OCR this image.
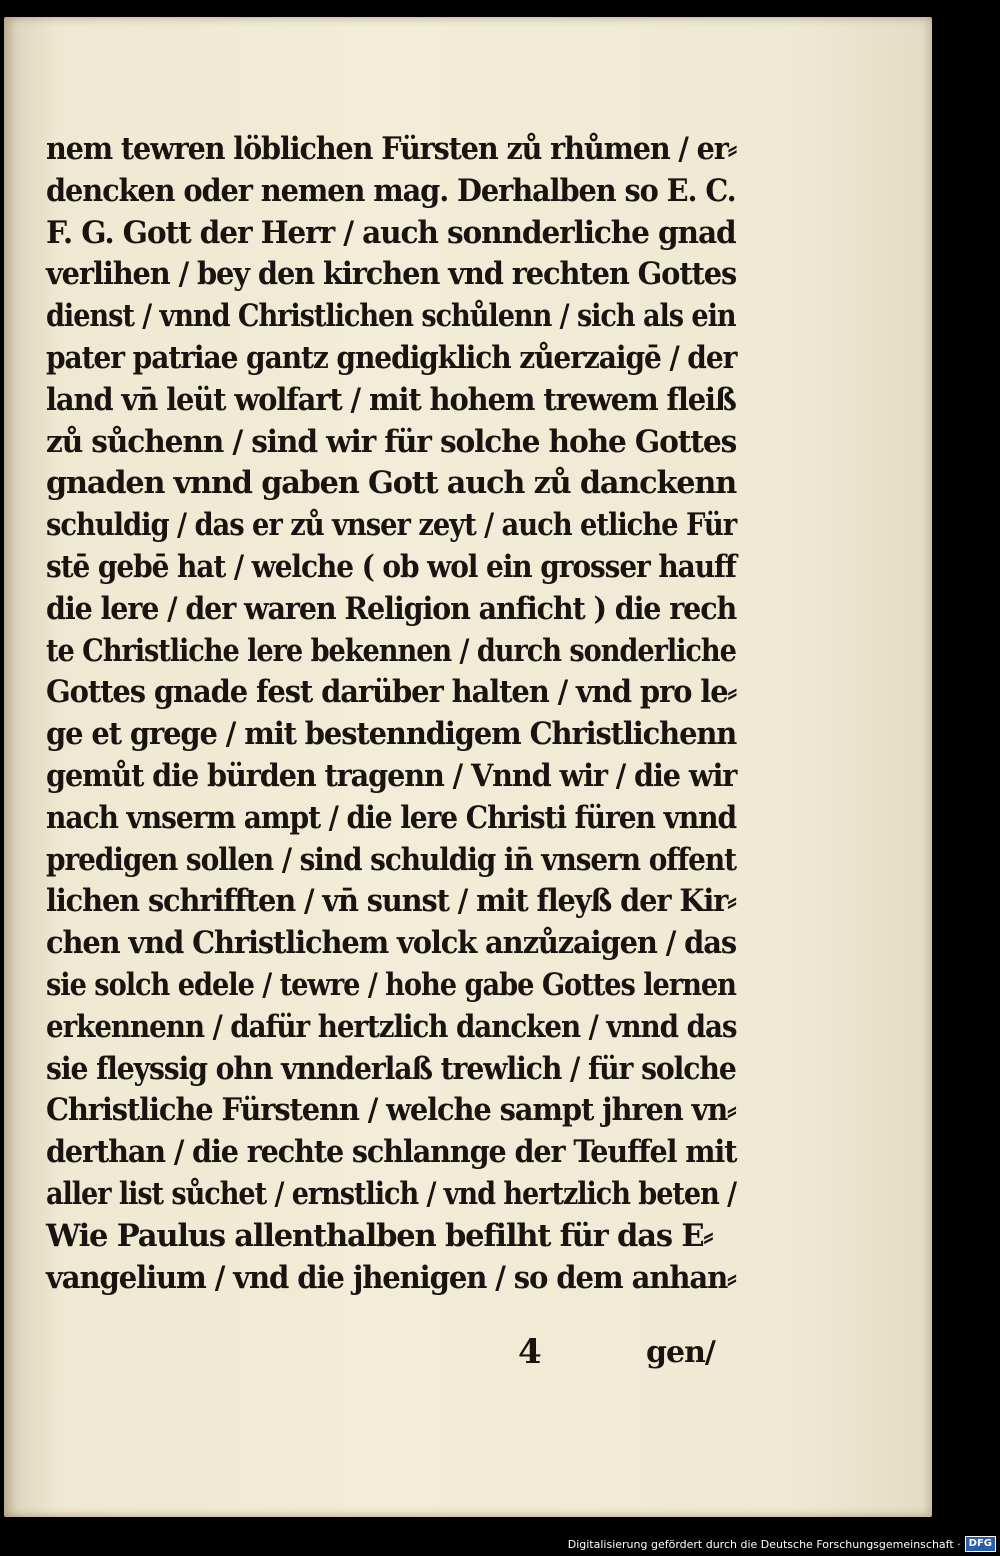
nem tewren löblichen Fürsten zů rhůmen / er⸗
dencken oder nemen mag. Derhalben so E. C.
F. G. Gott der Herr / auch sonnderliche gnad
verlihen / bey den kirchen vnd rechten Gottes
dienst / vnnd Christlichen schůlenn / sich als ein
pater patriae gantz gnedigklich zůerzaigē / der
land vn̄ leüt wolfart / mit hohem trewem fleiß
zů sůchenn / sind wir für solche hohe Gottes
gnaden vnnd gaben Gott auch zů danckenn
schuldig / das er zů vnser zeyt / auch etliche Für
stē gebē hat / welche ( ob wol ein grosser hauff
die lere / der waren Religion anficht ) die rech
te Christliche lere bekennen / durch sonderliche
Gottes gnade fest darüber halten / vnd pro le⸗
ge et grege / mit bestenndigem Christlichenn
gemůt die bürden tragenn / Vnnd wir / die wir
nach vnserm ampt / die lere Christi füren vnnd
predigen sollen / sind schuldig in̄ vnsern offent
lichen schrifften / vn̄ sunst / mit fleyß der Kir⸗
chen vnd Christlichem volck anzůzaigen / das
sie solch edele / tewre / hohe gabe Gottes lernen
erkennenn / dafür hertzlich dancken / vnnd das
sie fleyssig ohn vnnderlaß trewlich / für solche
Christliche Fürstenn / welche sampt jhren vn⸗
derthan / die rechte schlannge der Teuffel mit
aller list sůchet / ernstlich / vnd hertzlich beten /
Wie Paulus allenthalben befilht für das E⸗
vangelium / vnd die jhenigen / so dem anhan⸗
4	gen/
Digitalisierung gefördert durch die Deutsche Forschungsgemeinschaft · DFG
